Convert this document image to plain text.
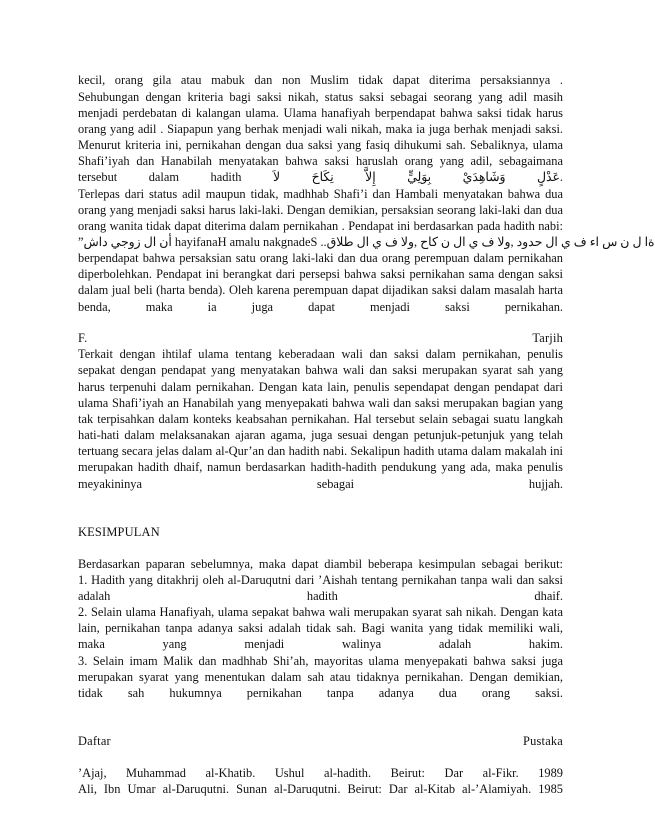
kecil, orang gila atau mabuk dan non Muslim tidak dapat diterima persaksiannya .
Sehubungan dengan kriteria bagi saksi nikah, status saksi sebagai seorang yang adil masih
menjadi perdebatan di kalangan ulama. Ulama hanafiyah berpendapat bahwa saksi tidak harus
orang yang adil . Siapapun yang berhak menjadi wali nikah, maka ia juga berhak menjadi saksi.
Menurut kriteria ini, pernikahan dengan dua saksi yang fasiq dihukumi sah. Sebaliknya, ulama
Shafi’iyah dan Hanabilah menyatakan bahwa saksi haruslah orang yang adil, sebagaimana
tersebut dalam hadith عَدْلٍ وَشَاهِدَيْ بِوَلِيٍّ إِلاَّ نِكَاحَ لاَ.
Terlepas dari status adil maupun tidak, madhhab Shafi’i dan Hambali menyatakan bahwa dua
orang yang menjadi saksi harus laki-laki. Dengan demikian, persaksian seorang laki-laki dan dua
orang wanita tidak dapat diterima dalam pernikahan . Pendapat ini berdasarkan pada hadith nabi:
”أن ال زوجي داش hayifanaH amalu nakgnadeS ..ةا ل ن س اء ف ي ال حدود ,ولا ف ي ال ن كاح ,ولا ف ي ال طلاق
berpendapat bahwa persaksian satu orang laki-laki dan dua orang perempuan dalam pernikahan
diperbolehkan. Pendapat ini berangkat dari persepsi bahwa saksi pernikahan sama dengan saksi
dalam jual beli (harta benda). Oleh karena perempuan dapat dijadikan saksi dalam masalah harta
benda, maka ia juga dapat menjadi saksi pernikahan.
F. Tarjih
Terkait dengan ihtilaf ulama tentang keberadaan wali dan saksi dalam pernikahan, penulis
sepakat dengan pendapat yang menyatakan bahwa wali dan saksi merupakan syarat sah yang
harus terpenuhi dalam pernikahan. Dengan kata lain, penulis sependapat dengan pendapat dari
ulama Shafi’iyah an Hanabilah yang menyepakati bahwa wali dan saksi merupakan bagian yang
tak terpisahkan dalam konteks keabsahan pernikahan. Hal tersebut selain sebagai suatu langkah
hati-hati dalam melaksanakan ajaran agama, juga sesuai dengan petunjuk-petunjuk yang telah
tertuang secara jelas dalam al-Qur’an dan hadith nabi. Sekalipun hadith utama dalam makalah ini
merupakan hadith dhaif, namun berdasarkan hadith-hadith pendukung yang ada, maka penulis
meyakininya sebagai hujjah.
KESIMPULAN
Berdasarkan paparan sebelumnya, maka dapat diambil beberapa kesimpulan sebagai berikut:
1. Hadith yang ditakhrij oleh al-Daruqutni dari ’Aishah tentang pernikahan tanpa wali dan saksi
adalah hadith dhaif.
2. Selain ulama Hanafiyah, ulama sepakat bahwa wali merupakan syarat sah nikah. Dengan kata
lain, pernikahan tanpa adanya saksi adalah tidak sah. Bagi wanita yang tidak memiliki wali,
maka yang menjadi walinya adalah hakim.
3. Selain imam Malik dan madhhab Shi’ah, mayoritas ulama menyepakati bahwa saksi juga
merupakan syarat yang menentukan dalam sah atau tidaknya pernikahan. Dengan demikian,
tidak sah hukumnya pernikahan tanpa adanya dua orang saksi.
Daftar Pustaka
’Ajaj, Muhammad al-Khatib. Ushul al-hadith. Beirut: Dar al-Fikr. 1989
Ali, Ibn Umar al-Daruqutni. Sunan al-Daruqutni. Beirut: Dar al-Kitab al-’Alamiyah. 1985
